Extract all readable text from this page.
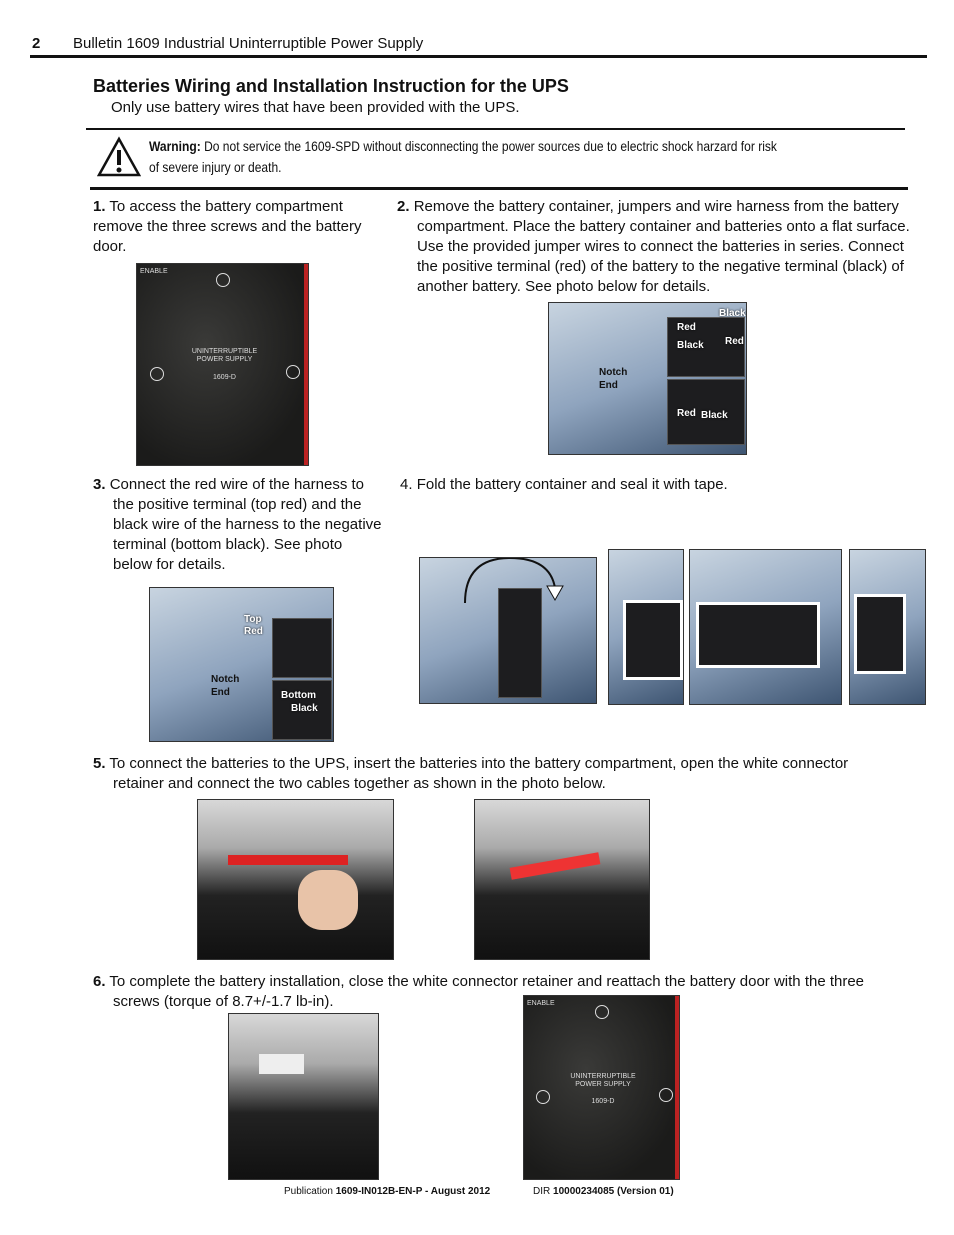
2 Bulletin 1609 Industrial Uninterruptible Power Supply
Batteries Wiring and Installation Instruction for the UPS
Only use battery wires that have been provided with the UPS.
Warning: Do not service the 1609-SPD without disconnecting the power sources due to electric shock harzard for risk of severe injury or death.
1. To access the battery compartment remove the three screws and the battery door.
ENABLE
UNINTERRUPTIBLE
POWER SUPPLY
1609-D
2. Remove the battery container, jumpers and wire harness from the battery compartment. Place the battery container and batteries onto a flat surface. Use the provided jumper wires to connect the batteries in series. Connect the positive terminal (red) of the battery to the negative terminal (black) of another battery. See photo below for details.
Black
Red
Red
Black
Notch
End
Red Black
3. Connect the red wire of the harness to the positive terminal (top red) and the black wire of the harness to the negative terminal (bottom black). See photo below for details.
Top
Red
Notch
End	Bottom
Black
4. Fold the battery container and seal it with tape.
5. To connect the batteries to the UPS, insert the batteries into the battery compartment, open the white connector retainer and connect the two cables together as shown in the photo below.
6. To complete the battery installation, close the white connector retainer and reattach the battery door with the three screws (torque of 8.7+/-1.7 lb-in).	ENABLE
UNINTERRUPTIBLE
POWER SUPPLY
1609-D
Publication 1609-IN012B-EN-P - August 2012	DIR 10000234085 (Version 01)
